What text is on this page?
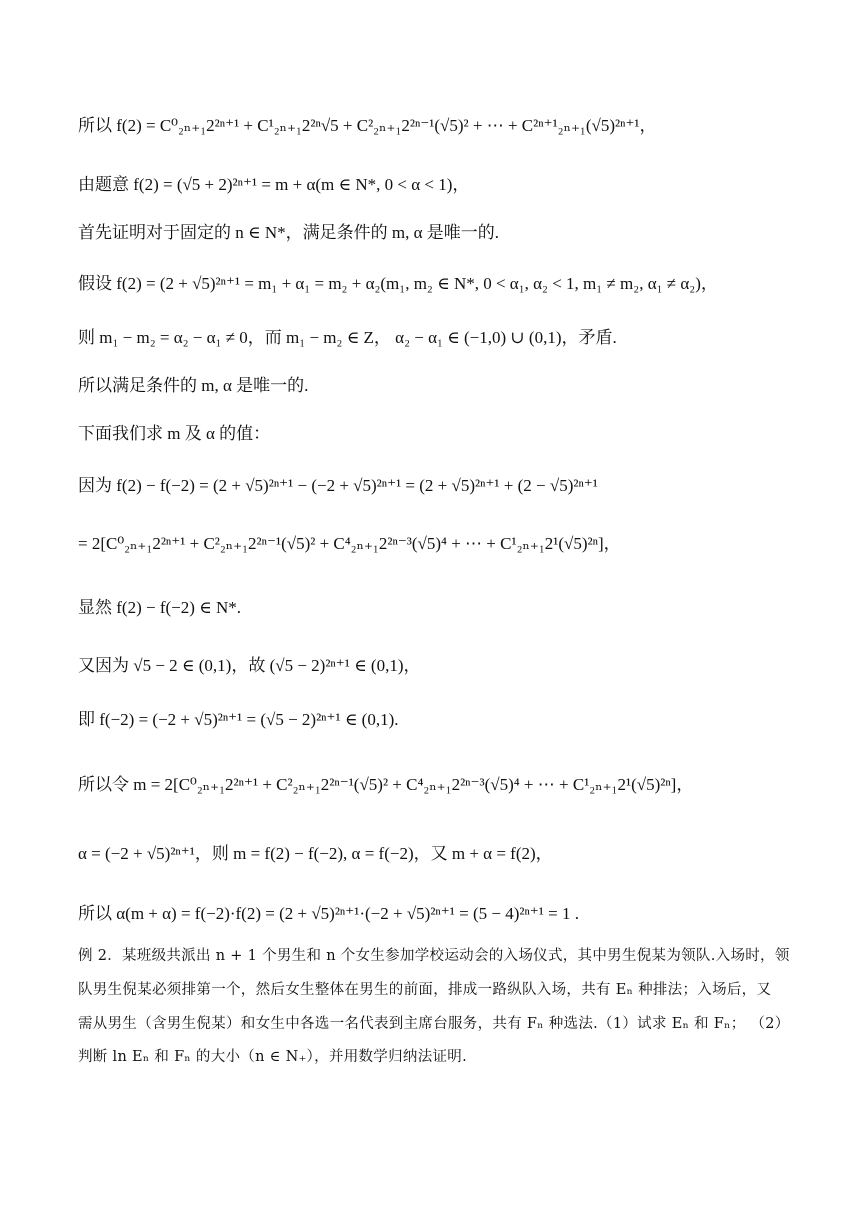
所以 f(2) = C⁰₂ₙ₊₁2²ⁿ⁺¹ + C¹₂ₙ₊₁2²ⁿ√5 + C²₂ₙ₊₁2²ⁿ⁻¹(√5)² + ⋯ + C²ⁿ⁺¹₂ₙ₊₁(√5)²ⁿ⁺¹，
由题意 f(2) = (√5 + 2)²ⁿ⁺¹ = m + α(m ∈ N*, 0 < α < 1)，
首先证明对于固定的 n ∈ N*，满足条件的 m, α 是唯一的.
假设 f(2) = (2 + √5)²ⁿ⁺¹ = m₁ + α₁ = m₂ + α₂(m₁, m₂ ∈ N*, 0 < α₁, α₂ < 1, m₁ ≠ m₂, α₁ ≠ α₂)，
则 m₁ − m₂ = α₂ − α₁ ≠ 0，而 m₁ − m₂ ∈ Z， α₂ − α₁ ∈ (−1,0) ∪ (0,1)，矛盾.
所以满足条件的 m, α 是唯一的.
下面我们求 m 及 α 的值：
因为 f(2) − f(−2) = (2 + √5)²ⁿ⁺¹ − (−2 + √5)²ⁿ⁺¹ = (2 + √5)²ⁿ⁺¹ + (2 − √5)²ⁿ⁺¹
= 2[C⁰₂ₙ₊₁2²ⁿ⁺¹ + C²₂ₙ₊₁2²ⁿ⁻¹(√5)² + C⁴₂ₙ₊₁2²ⁿ⁻³(√5)⁴ + ⋯ + C¹₂ₙ₊₁2¹(√5)²ⁿ]，
显然 f(2) − f(−2) ∈ N*.
又因为 √5 − 2 ∈ (0,1)，故 (√5 − 2)²ⁿ⁺¹ ∈ (0,1)，
即 f(−2) = (−2 + √5)²ⁿ⁺¹ = (√5 − 2)²ⁿ⁺¹ ∈ (0,1).
所以令 m = 2[C⁰₂ₙ₊₁2²ⁿ⁺¹ + C²₂ₙ₊₁2²ⁿ⁻¹(√5)² + C⁴₂ₙ₊₁2²ⁿ⁻³(√5)⁴ + ⋯ + C¹₂ₙ₊₁2¹(√5)²ⁿ]，
α = (−2 + √5)²ⁿ⁺¹，则 m = f(2) − f(−2), α = f(−2)，又 m + α = f(2)，
所以 α(m + α) = f(−2)·f(2) = (2 + √5)²ⁿ⁺¹·(−2 + √5)²ⁿ⁺¹ = (5 − 4)²ⁿ⁺¹ = 1 .
例 2．某班级共派出 n + 1 个男生和 n 个女生参加学校运动会的入场仪式，其中男生倪某为领队.入场时，领
队男生倪某必须排第一个，然后女生整体在男生的前面，排成一路纵队入场，共有 Eₙ 种排法；入场后，又
需从男生（含男生倪某）和女生中各选一名代表到主席台服务，共有 Fₙ 种选法.（1）试求 Eₙ 和 Fₙ； （2）
判断 ln Eₙ 和 Fₙ 的大小（n ∈ N₊），并用数学归纳法证明.
